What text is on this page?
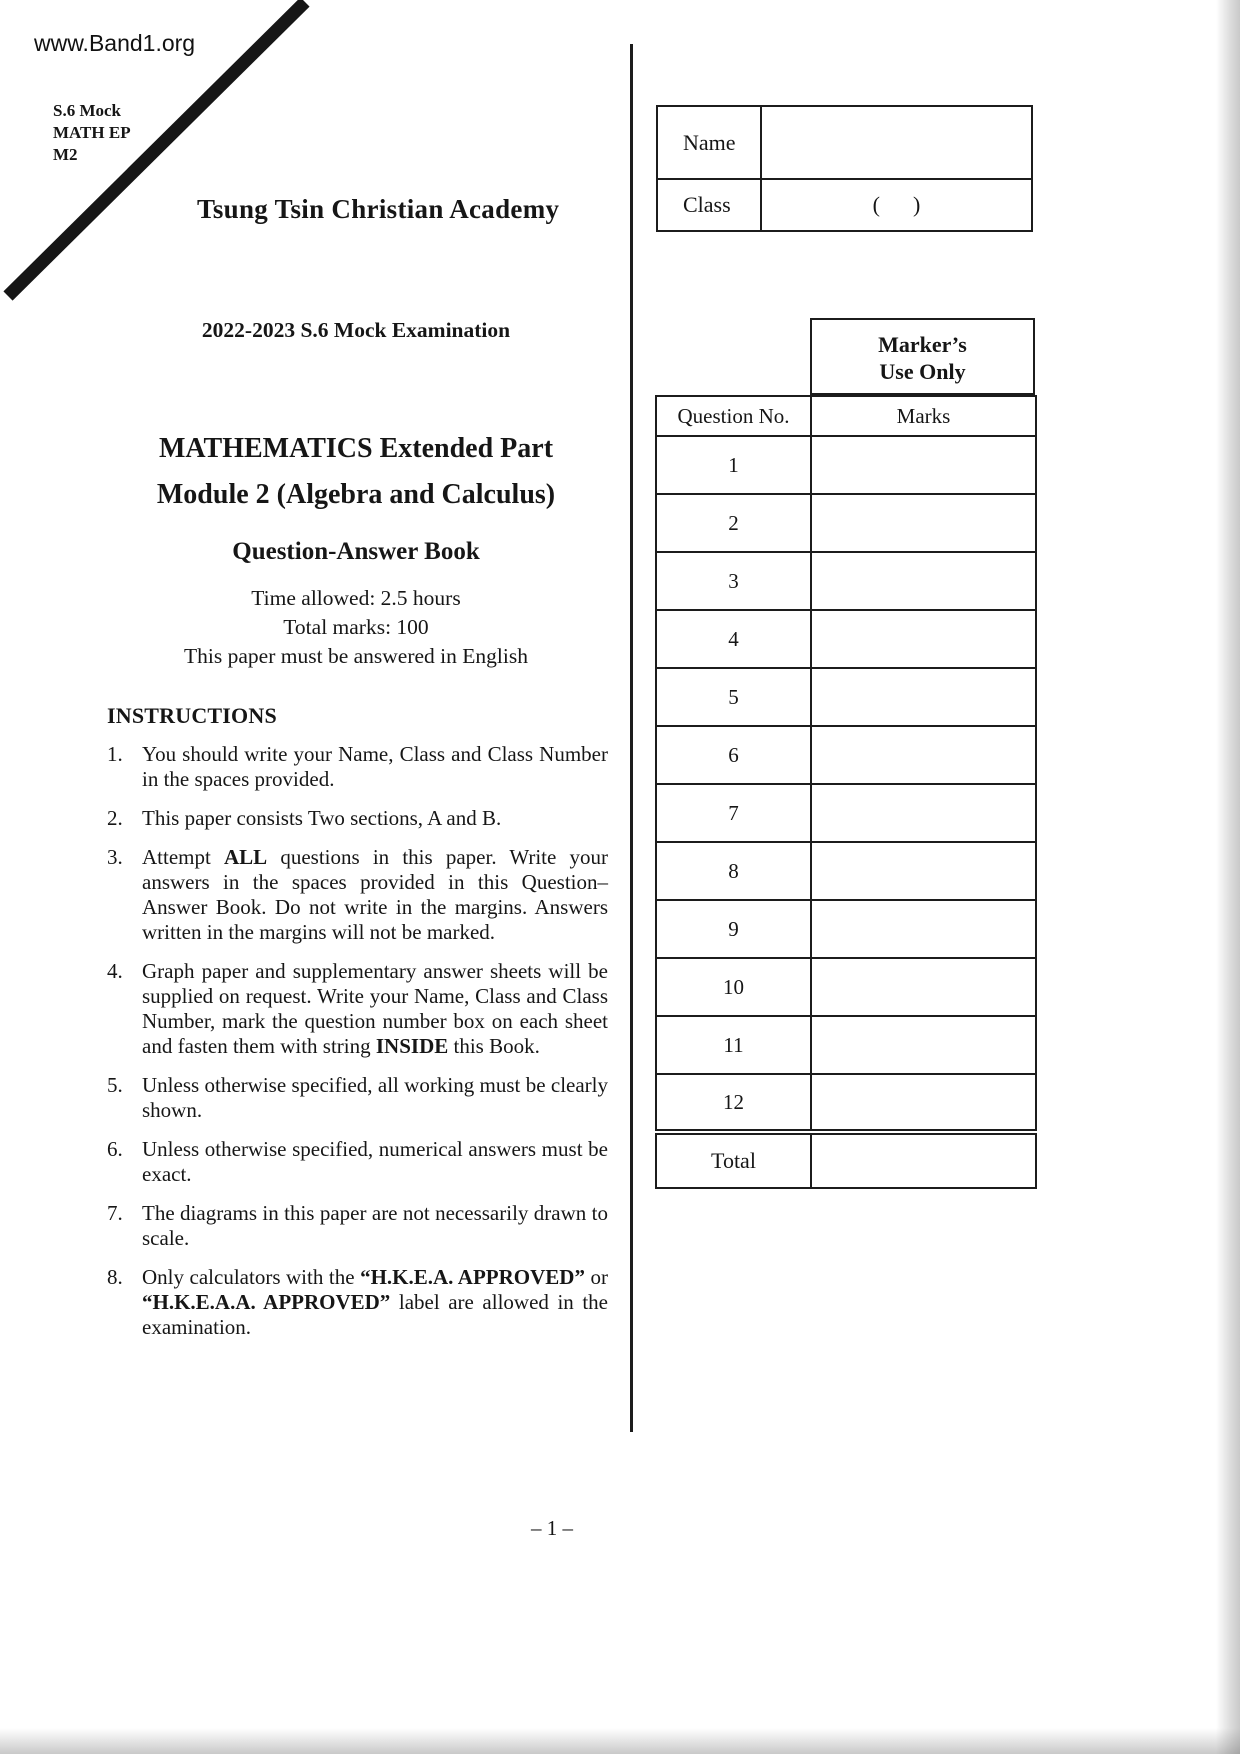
www.Band1.org
S.6 Mock
MATH EP
M2
Tsung Tsin Christian Academy
Name
Class	(      )
2022-2023 S.6 Mock Examination
MATHEMATICS Extended Part
Module 2 (Algebra and Calculus)
Question-Answer Book
Time allowed: 2.5 hours
Total marks: 100
This paper must be answered in English
INSTRUCTIONS
1. You should write your Name, Class and Class Number in the spaces provided.
2. This paper consists Two sections, A and B.
3. Attempt ALL questions in this paper. Write your answers in the spaces provided in this Question–Answer Book. Do not write in the margins. Answers written in the margins will not be marked.
4. Graph paper and supplementary answer sheets will be supplied on request. Write your Name, Class and Class Number, mark the question number box on each sheet and fasten them with string INSIDE this Book.
5. Unless otherwise specified, all working must be clearly shown.
6. Unless otherwise specified, numerical answers must be exact.
7. The diagrams in this paper are not necessarily drawn to scale.
8. Only calculators with the “H.K.E.A. APPROVED” or “H.K.E.A.A. APPROVED” label are allowed in the examination.
Marker’s
Use Only
Question No.	Marks
1	
2	
3	
4	
5	
6	
7	
8	
9	
10	
11	
12	
Total	
– 1 –
